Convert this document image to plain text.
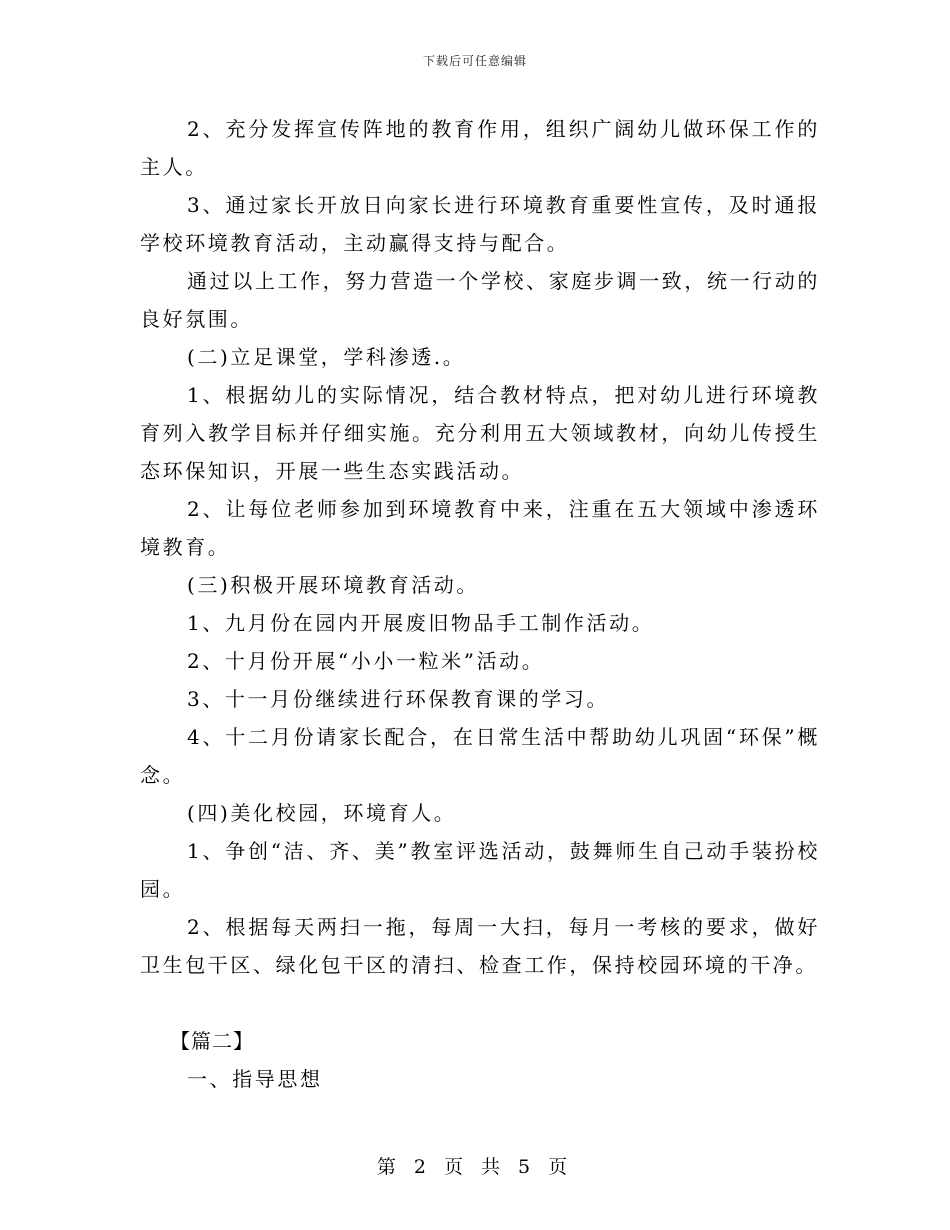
下载后可任意编辑

2、充分发挥宣传阵地的教育作用，组织广阔幼儿做环保工作的主人。

3、通过家长开放日向家长进行环境教育重要性宣传，及时通报学校环境教育活动，主动赢得支持与配合。

通过以上工作，努力营造一个学校、家庭步调一致，统一行动的良好氛围。

(二)立足课堂，学科渗透.。

1、根据幼儿的实际情况，结合教材特点，把对幼儿进行环境教育列入教学目标并仔细实施。充分利用五大领域教材，向幼儿传授生态环保知识，开展一些生态实践活动。

2、让每位老师参加到环境教育中来，注重在五大领域中渗透环境教育。

(三)积极开展环境教育活动。

1、九月份在园内开展废旧物品手工制作活动。

2、十月份开展“小小一粒米”活动。

3、十一月份继续进行环保教育课的学习。

4、十二月份请家长配合，在日常生活中帮助幼儿巩固“环保”概念。

(四)美化校园，环境育人。

1、争创“洁、齐、美”教室评选活动，鼓舞师生自己动手装扮校园。

2、根据每天两扫一拖，每周一大扫，每月一考核的要求，做好卫生包干区、绿化包干区的清扫、检查工作，保持校园环境的干净。

【篇二】

一、指导思想

第 2 页 共 5 页
